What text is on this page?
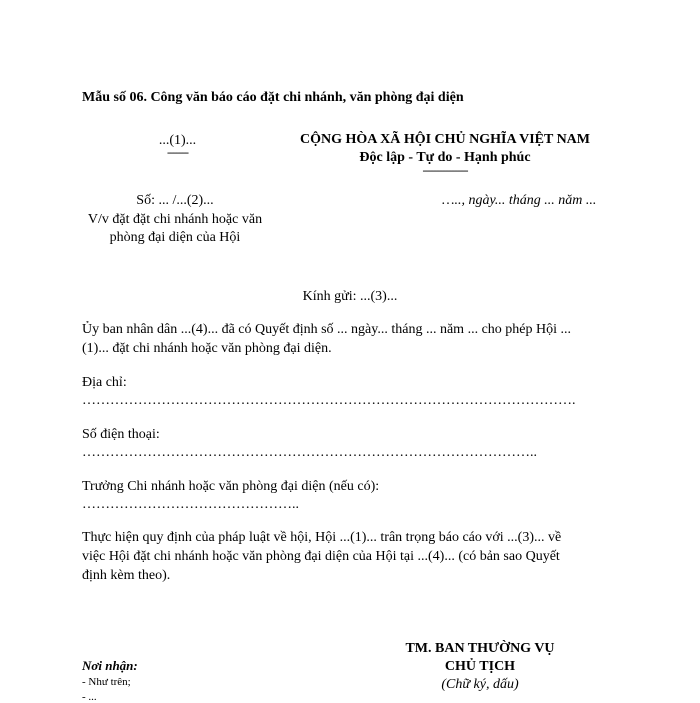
Mẫu số 06. Công văn báo cáo đặt chi nhánh, văn phòng đại diện
...(1)...
-------
CỘNG HÒA XÃ HỘI CHỦ NGHĨA VIỆT NAM
Độc lập - Tự do - Hạnh phúc
---------------
Số: ... /...(2)...
V/v đặt đặt chi nhánh hoặc văn
phòng đại diện của Hội
….., ngày... tháng ... năm ...
Kính gửi: ...(3)...
Ủy ban nhân dân ...(4)... đã có Quyết định số ... ngày... tháng ... năm ... cho phép Hội ...
(1)... đặt chi nhánh hoặc văn phòng đại diện.
Địa chỉ:
…………………………………………………………………………………………….
Số điện thoại:
……………………………………………………………………………………..
Trưởng Chi nhánh hoặc văn phòng đại diện (nếu có):
………………………………………..
Thực hiện quy định của pháp luật về hội, Hội ...(1)... trân trọng báo cáo với ...(3)... về
việc Hội đặt chi nhánh hoặc văn phòng đại diện của Hội tại ...(4)... (có bản sao Quyết
định kèm theo).
TM. BAN THƯỜNG VỤ
CHỦ TỊCH
(Chữ ký, dấu)
Nơi nhận:
- Như trên;
- ...
